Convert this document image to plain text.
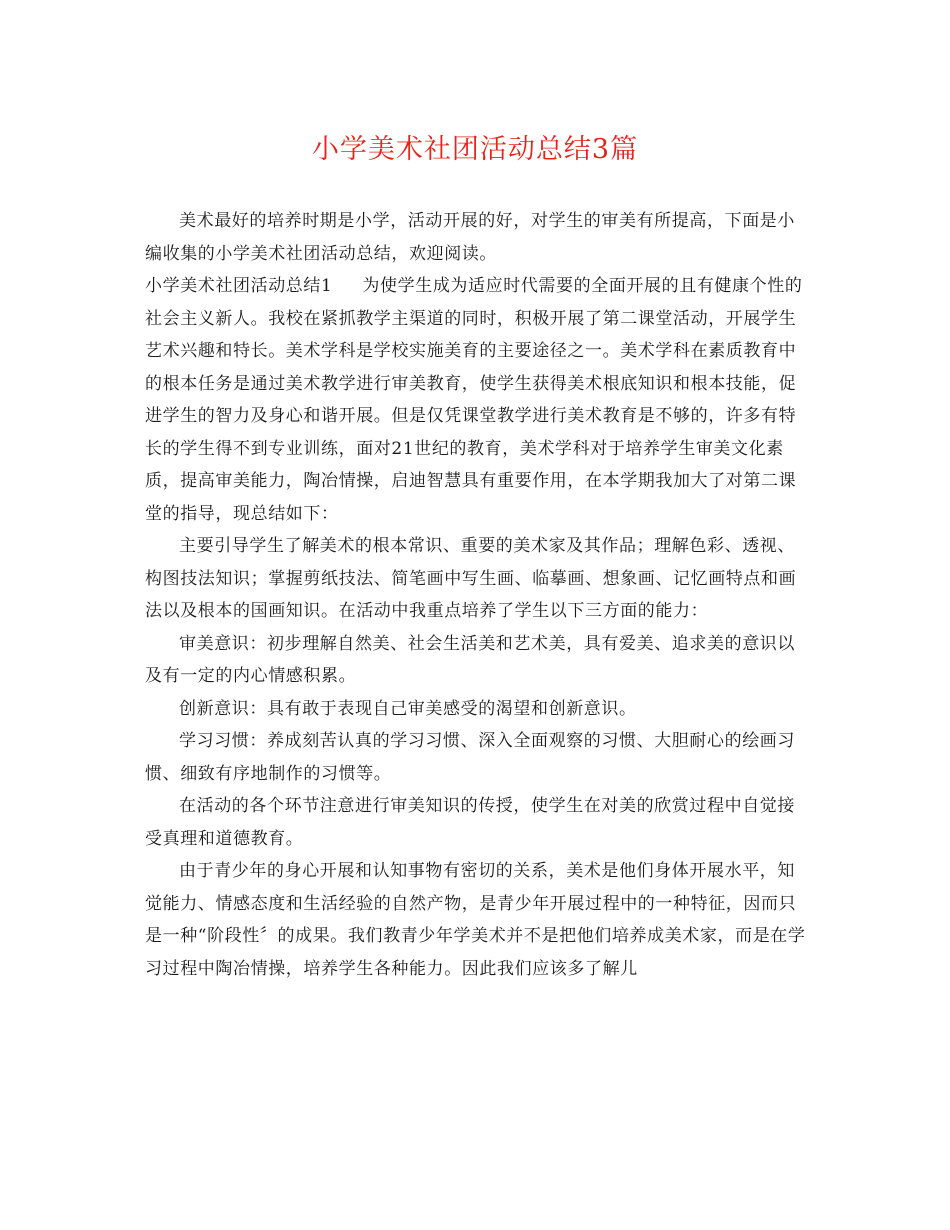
小学美术社团活动总结3篇

美术最好的培养时期是小学，活动开展的好，对学生的审美有所提高，下面是小编收集的小学美术社团活动总结，欢迎阅读。

小学美术社团活动总结1 为使学生成为适应时代需要的全面开展的且有健康个性的社会主义新人。我校在紧抓教学主渠道的同时，积极开展了第二课堂活动，开展学生艺术兴趣和特长。美术学科是学校实施美育的主要途径之一。美术学科在素质教育中的根本任务是通过美术教学进行审美教育，使学生获得美术根底知识和根本技能，促进学生的智力及身心和谐开展。但是仅凭课堂教学进行美术教育是不够的，许多有特长的学生得不到专业训练，面对21世纪的教育，美术学科对于培养学生审美文化素质，提高审美能力，陶冶情操，启迪智慧具有重要作用，在本学期我加大了对第二课堂的指导，现总结如下：

主要引导学生了解美术的根本常识、重要的美术家及其作品；理解色彩、透视、构图技法知识；掌握剪纸技法、简笔画中写生画、临摹画、想象画、记忆画特点和画法以及根本的国画知识。在活动中我重点培养了学生以下三方面的能力：

审美意识：初步理解自然美、社会生活美和艺术美，具有爱美、追求美的意识以及有一定的内心情感积累。

创新意识：具有敢于表现自己审美感受的渴望和创新意识。

学习习惯：养成刻苦认真的学习习惯、深入全面观察的习惯、大胆耐心的绘画习惯、细致有序地制作的习惯等。

在活动的各个环节注意进行审美知识的传授，使学生在对美的欣赏过程中自觉接受真理和道德教育。

由于青少年的身心开展和认知事物有密切的关系，美术是他们身体开展水平，知觉能力、情感态度和生活经验的自然产物，是青少年开展过程中的一种特征，因而只是一种“阶段性〞的成果。我们教青少年学美术并不是把他们培养成美术家，而是在学习过程中陶冶情操，培养学生各种能力。因此我们应该多了解儿
